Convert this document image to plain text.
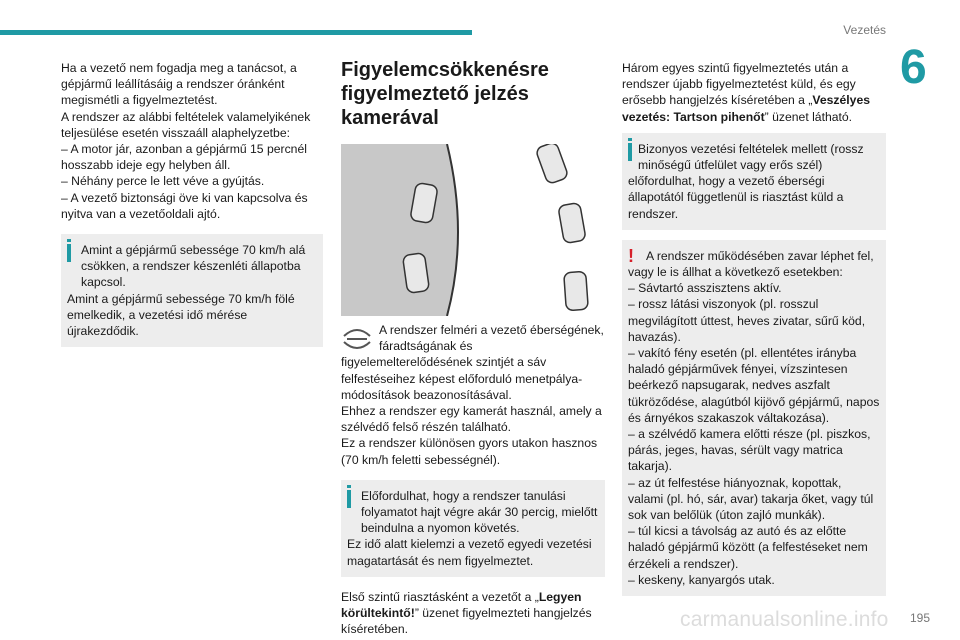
Vezetés
6

Ha a vezető nem fogadja meg a tanácsot, a gépjármű leállításáig a rendszer óránként megismétli a figyelmeztetést.

A rendszer az alábbi feltételek valamelyikének teljesülése esetén visszaáll alaphelyzetbe:

– A motor jár, azonban a gépjármű 15 percnél hosszabb ideje egy helyben áll.

– Néhány perce le lett véve a gyújtás.

– A vezető biztonsági öve ki van kapcsolva és nyitva van a vezetőoldali ajtó.

Amint a gépjármű sebessége 70 km/h alá csökken, a rendszer készenléti állapotba kapcsol.

Amint a gépjármű sebessége 70 km/h fölé emelkedik, a vezetési idő mérése újrakezdődik.

Figyelemcsökkenésre figyelmeztető jelzés kamerával

A rendszer felméri a vezető éberségének, fáradtságának és figyelemelterelődésének szintjét a sáv felfestéseihez képest előforduló menetpálya-módosítások beazonosításával.

Ehhez a rendszer egy kamerát használ, amely a szélvédő felső részén található.

Ez a rendszer különösen gyors utakon hasznos (70 km/h feletti sebességnél).

Előfordulhat, hogy a rendszer tanulási folyamatot hajt végre akár 30 percig, mielőtt beindulna a nyomon követés.

Ez idő alatt kielemzi a vezető egyedi vezetési magatartását és nem figyelmeztet.

Első szintű riasztásként a vezetőt a „Legyen körültekintő!” üzenet figyelmezteti hangjelzés kíséretében.

Három egyes szintű figyelmeztetés után a rendszer újabb figyelmeztetést küld, és egy erősebb hangjelzés kíséretében a „Veszélyes vezetés: Tartson pihenőt” üzenet látható.

Bizonyos vezetési feltételek mellett (rossz minőségű útfelület vagy erős szél) előfordulhat, hogy a vezető éberségi állapotától függetlenül is riasztást küld a rendszer.

! A rendszer működésében zavar léphet fel, vagy le is állhat a következő esetekben:

– Sávtartó asszisztens aktív.

– rossz látási viszonyok (pl. rosszul megvilágított úttest, heves zivatar, sűrű köd, havazás).

– vakító fény esetén (pl. ellentétes irányba haladó gépjárművek fényei, vízszintesen beérkező napsugarak, nedves aszfalt tükröződése, alagútból kijövő gépjármű, napos és árnyékos szakaszok váltakozása).

– a szélvédő kamera előtti része (pl. piszkos, párás, jeges, havas, sérült vagy matrica takarja).

– az út felfestése hiányoznak, kopottak, valami (pl. hó, sár, avar) takarja őket, vagy túl sok van belőlük (úton zajló munkák).

– túl kicsi a távolság az autó és az előtte haladó gépjármű között (a felfestéseket nem érzékeli a rendszer).

– keskeny, kanyargós utak.

carmanualsonline.info 195
